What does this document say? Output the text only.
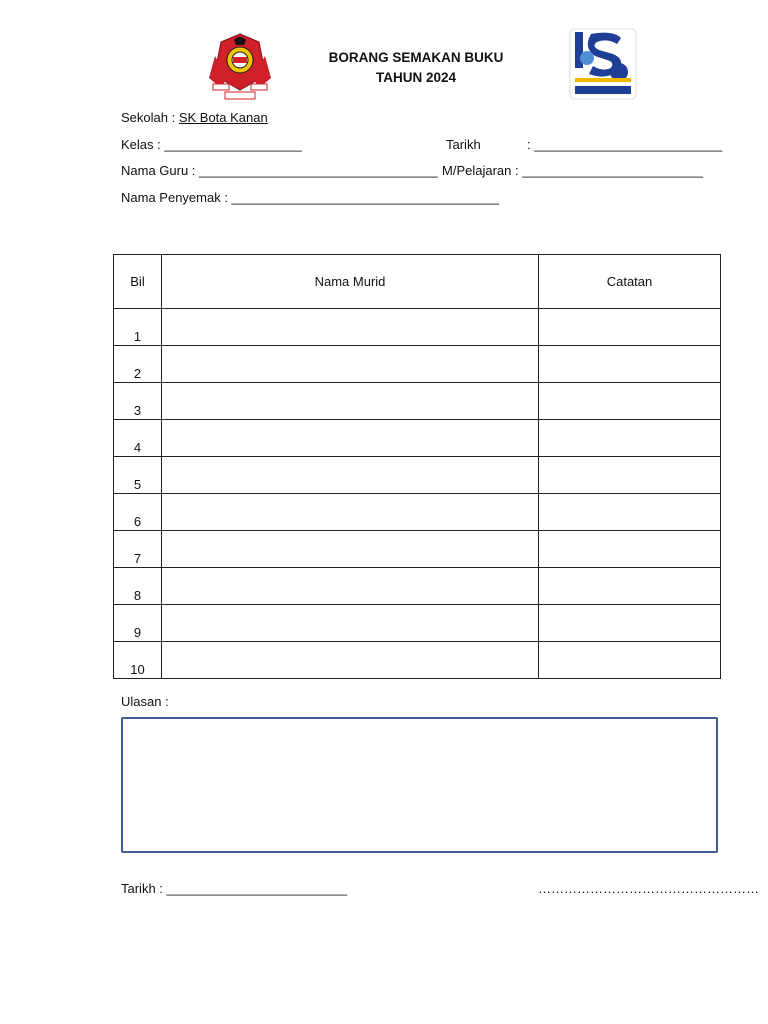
BORANG SEMAKAN BUKU
TAHUN 2024
Sekolah : SK Bota Kanan
Kelas : ___________________	Tarikh	: __________________________
Nama Guru : _________________________________ M/Pelajaran : _________________________
Nama Penyemak : _____________________________________
Bil	Nama Murid	Catatan
1		
2		
3		
4		
5		
6		
7		
8		
9		
10		
Ulasan :
Tarikh : _________________________	……………………………………………
